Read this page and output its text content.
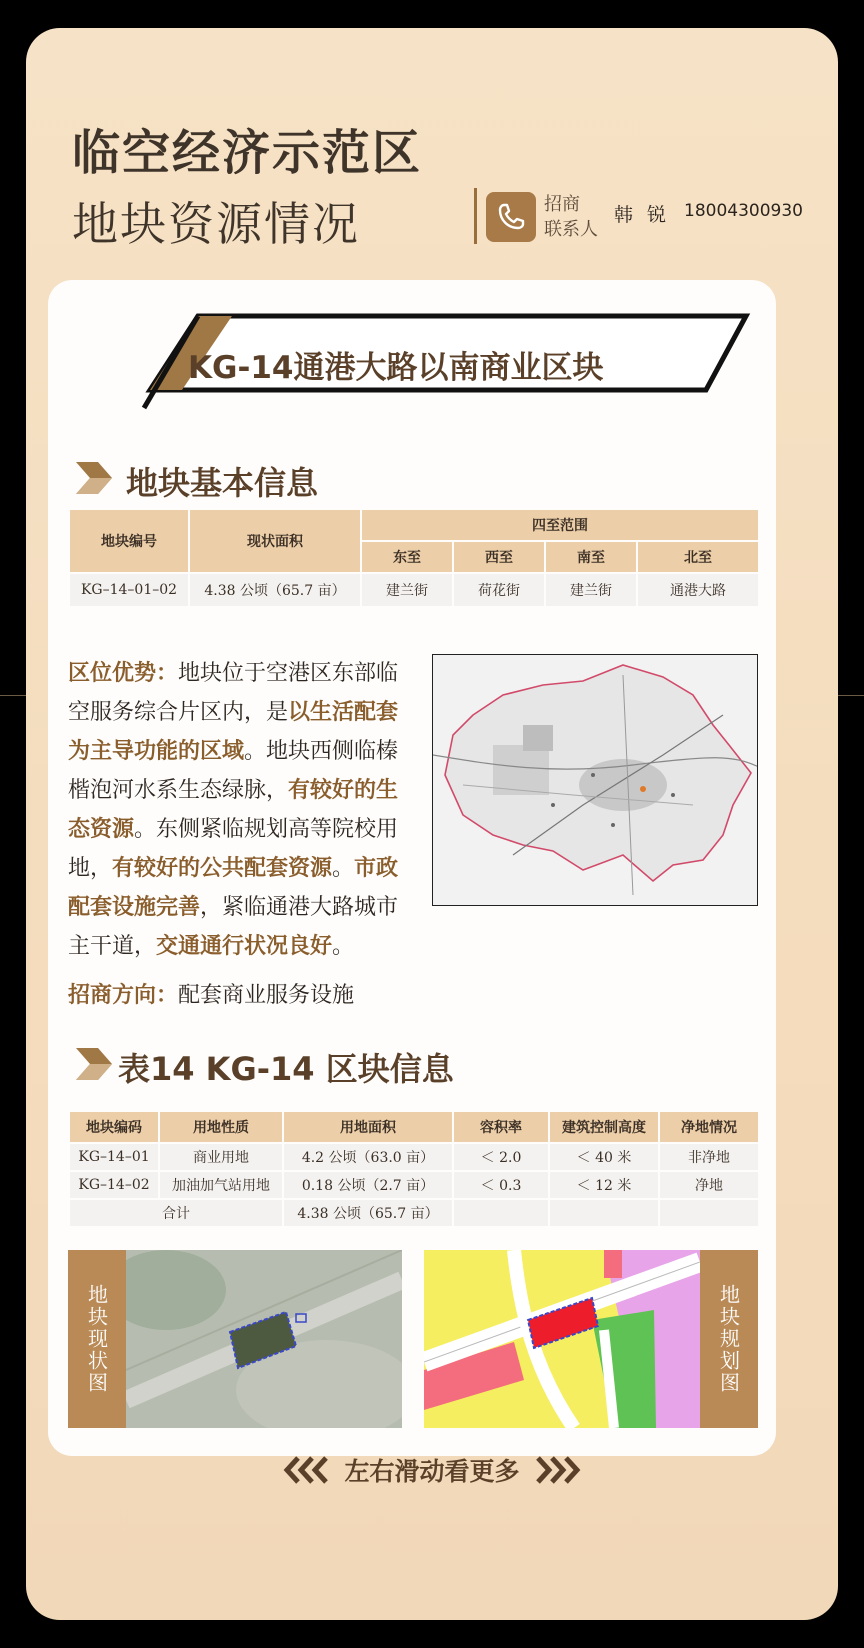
临空经济示范区
地块资源情况	招商
联系人
韩锐 18004300930
KG-14通港大路以南商业区块
地块基本信息
地块编号	现状面积	四至范围			
		东至	西至	南至	北至
KG–14–01–02	4.38 公顷（65.7 亩）	建兰街	荷花街	建兰街	通港大路
区位优势：地块位于空港区东部临空服务综合片区内，是以生活配套为主导功能的区域。地块西侧临榛楷泡河水系生态绿脉，有较好的生态资源。东侧紧临规划高等院校用地，有较好的公共配套资源。市政配套设施完善，紧临通港大路城市主干道，交通通行状况良好。
招商方向：配套商业服务设施
表14 KG-14 区块信息
地块编码	用地性质	用地面积	容积率	建筑控制高度	净地情况
KG–14–01	商业用地	4.2 公顷（63.0 亩）	＜ 2.0	＜ 40 米	非净地
KG–14–02	加油加气站用地	0.18 公顷（2.7 亩）	＜ 0.3	＜ 12 米	净地
合计		4.38 公顷（65.7 亩）			
地块现状图	地块规划图
左右滑动看更多
